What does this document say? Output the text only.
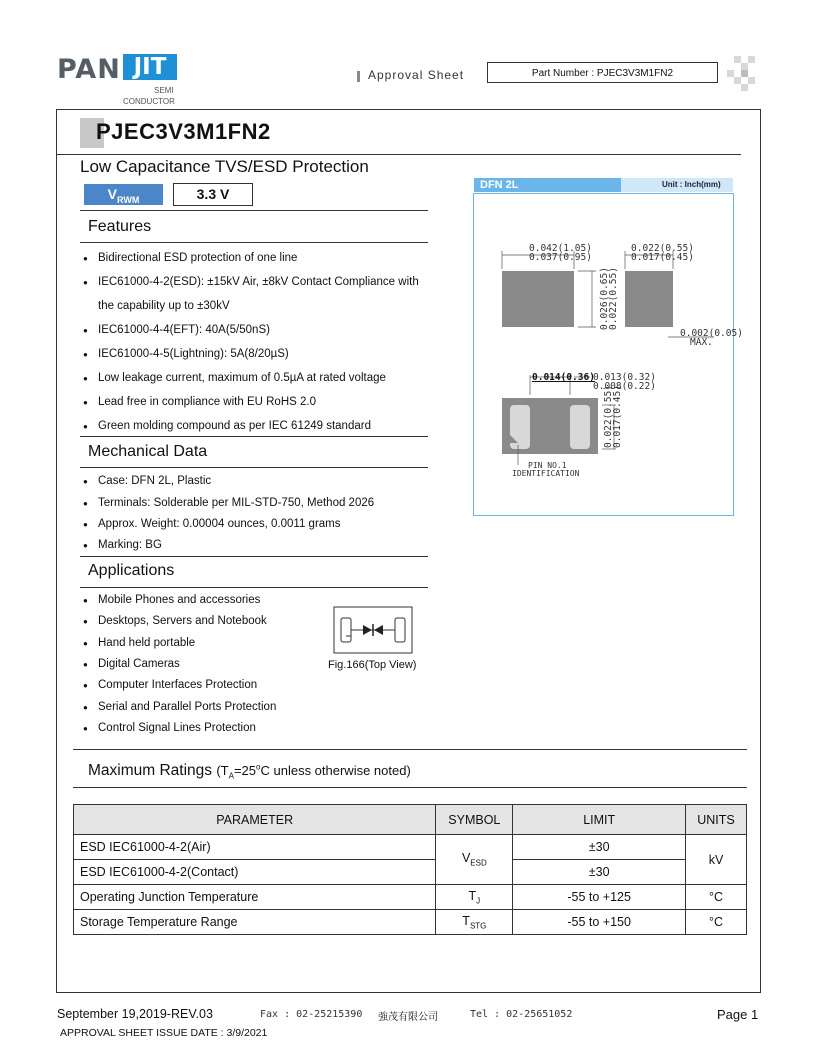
PAN JIT
SEMI
CONDUCTOR
Approval Sheet	Part Number : PJEC3V3M1FN2
PJEC3V3M1FN2
Low Capacitance TVS/ESD Protection
$V_{RWM}$	3.3 V
Features
● Bidirectional ESD protection of one line
● IEC61000-4-2(ESD): ±15kV Air, ±8kV Contact Compliance with
the capability up to ±30kV
● IEC61000-4-4(EFT): 40A(5/50nS)
● IEC61000-4-5(Lightning): 5A(8/20µS)
● Low leakage current, maximum of 0.5µA at rated voltage
● Lead free in compliance with EU RoHS 2.0
● Green molding compound as per IEC 61249 standard
Mechanical Data
● Case: DFN 2L, Plastic
● Terminals: Solderable per MIL-STD-750, Method 2026
● Approx. Weight: 0.00004 ounces, 0.0011 grams
● Marking: BG
Applications
● Mobile Phones and accessories
● Desktops, Servers and Notebook
● Hand held portable
● Digital Cameras
● Computer Interfaces Protection
● Serial and Parallel Ports Protection
● Control Signal Lines Protection
Fig.166(Top View)
DFN 2L	Unit : Inch(mm)
0.042(1.05)
0.037(0.95)
0.022(0.55)
0.017(0.45)
0.026(0.65)
0.022(0.55)
0.002(0.05)
MAX.
0.014(0.36)
0.013(0.32)
0.008(0.22)
0.022(0.55)
0.017(0.45)
PIN NO.1
IDENTIFICATION
Maximum Ratings ($T_A=25^oC$ unless otherwise noted)
PARAMETER	SYMBOL	LIMIT	UNITS
ESD IEC61000-4-2(Air)	$V_{ESD}$	±30	kV
ESD IEC61000-4-2(Contact)		±30	
Operating Junction Temperature	$T_J$	-55 to +125	°C
Storage Temperature Range	$T_{STG}$	-55 to +150	°C
September 19,2019-REV.03	Fax : 02-25215390 強茂有限公司	Tel : 02-25651052	Page 1
APPROVAL SHEET ISSUE DATE : 3/9/2021
